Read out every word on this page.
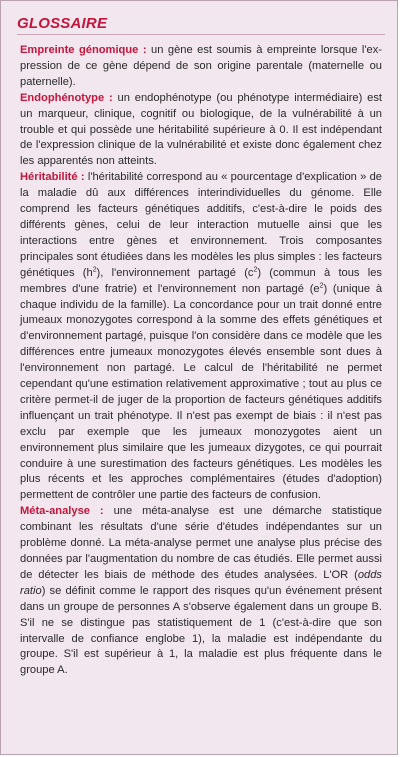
GLOSSAIRE

Empreinte génomique : un gène est soumis à empreinte lorsque l'expression de ce gène dépend de son origine parentale (maternelle ou paternelle).

Endophénotype : un endophénotype (ou phénotype intermédiaire) est un marqueur, clinique, cognitif ou biologique, de la vulnérabilité à un trouble et qui possède une héritabilité supérieure à 0. Il est indépendant de l'expression clinique de la vulnérabilité et existe donc également chez les apparentés non atteints.

Héritabilité : l'héritabilité correspond au « pourcentage d'explication » de la maladie dû aux différences interindividuelles du génome. Elle comprend les facteurs génétiques additifs, c'est-à-dire le poids des différents gènes, celui de leur interaction mutuelle ainsi que les interactions entre gènes et environnement. Trois composantes principales sont étudiées dans les modèles les plus simples : les facteurs génétiques $(h^2)$, l'environnement partagé $(c^2)$ (commun à tous les membres d'une fratrie) et l'environnement non partagé $(e^2)$ (unique à chaque individu de la famille). La concordance pour un trait donné entre jumeaux monozygotes correspond à la somme des effets génétiques et d'environnement partagé, puisque l'on considère dans ce modèle que les différences entre jumeaux monozygotes élevés ensemble sont dues à l'environnement non partagé. Le calcul de l'héritabilité ne permet cependant qu'une estimation relativement approximative ; tout au plus ce critère permet-il de juger de la proportion de facteurs génétiques additifs influençant un trait phénotype. Il n'est pas exempt de biais : il n'est pas exclu par exemple que les jumeaux monozygotes aient un environnement plus similaire que les jumeaux dizygotes, ce qui pourrait conduire à une surestimation des facteurs génétiques. Les modèles les plus récents et les approches complémentaires (études d'adoption) permettent de contrôler une partie des facteurs de confusion.

Méta-analyse : une méta-analyse est une démarche statistique combinant les résultats d'une série d'études indépendantes sur un problème donné. La méta-analyse permet une analyse plus précise des données par l'augmentation du nombre de cas étudiés. Elle permet aussi de détecter les biais de méthode des études analysées. L'OR (odds ratio) se définit comme le rapport des risques qu'un événement présent dans un groupe de personnes A s'observe également dans un groupe B. S'il ne se distingue pas statistiquement de 1 (c'est-à-dire que son intervalle de confiance englobe 1), la maladie est indépendante du groupe. S'il est supérieur à 1, la maladie est plus fréquente dans le groupe A.
